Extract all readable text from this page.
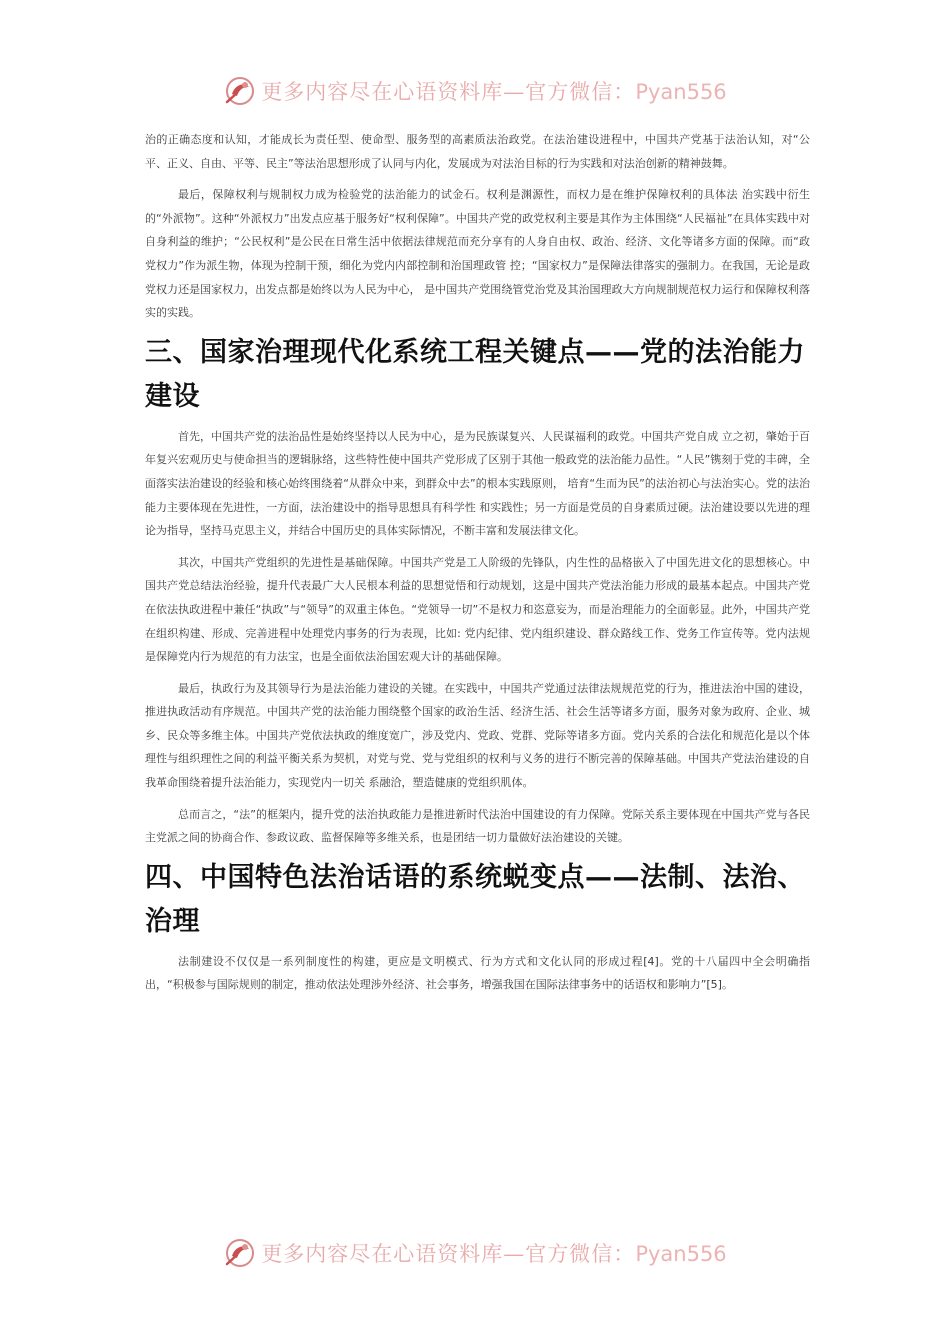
更多内容尽在心语资料库—官方微信：Pyan556

治的正确态度和认知，才能成长为责任型、使命型、服务型的高素质法治政党。在法治建设进程中，中国共产党基于法治认知，对“公平、正义、自由、平等、民主”等法治思想形成了认同与内化，发展成为对法治目标的行为实践和对法治创新的精神鼓舞。

最后，保障权利与规制权力成为检验党的法治能力的试金石。权利是渊源性，而权力是在维护保障权利的具体法 治实践中衍生的“外派物”。这种“外派权力”出发点应基于服务好“权利保障”。中国共产党的政党权利主要是其作为主体围绕“人民福祉”在具体实践中对自身利益的维护；“公民权利”是公民在日常生活中依据法律规范而充分享有的人身自由权、政治、经济、文化等诸多方面的保障。而“政党权力”作为派生物，体现为控制干预，细化为党内内部控制和治国理政管 控；“国家权力”是保障法律落实的强制力。在我国，无论是政党权力还是国家权力，出发点都是始终以为人民为中心， 是中国共产党围绕管党治党及其治国理政大方向规制规范权力运行和保障权利落实的实践。

三、国家治理现代化系统工程关键点——党的法治能力建设

首先，中国共产党的法治品性是始终坚持以人民为中心，是为民族谋复兴、人民谋福利的政党。中国共产党自成 立之初，肇始于百年复兴宏观历史与使命担当的逻辑脉络，这些特性使中国共产党形成了区别于其他一般政党的法治能力品性。“人民”镌刻于党的丰碑，全面落实法治建设的经验和核心始终围绕着“从群众中来，到群众中去”的根本实践原则， 培育“生而为民”的法治初心与法治实心。党的法治能力主要体现在先进性，一方面，法治建设中的指导思想具有科学性 和实践性；另一方面是党员的自身素质过硬。法治建设要以先进的理论为指导，坚持马克思主义，并结合中国历史的具体实际情况，不断丰富和发展法律文化。

其次，中国共产党组织的先进性是基础保障。中国共产党是工人阶级的先锋队，内生性的品格嵌入了中国先进文化的思想核心。中国共产党总结法治经验，提升代表最广大人民根本利益的思想觉悟和行动规划，这是中国共产党法治能力形成的最基本起点。中国共产党在依法执政进程中兼任“执政”与“领导”的双重主体色。“党领导一切”不是权力和恣意妄为，而是治理能力的全面彰显。此外，中国共产党在组织构建、形成、完善进程中处理党内事务的行为表现，比如: 党内纪律、党内组织建设、群众路线工作、党务工作宣传等。党内法规是保障党内行为规范的有力法宝，也是全面依法治国宏观大计的基础保障。

最后，执政行为及其领导行为是法治能力建设的关键。在实践中，中国共产党通过法律法规规范党的行为，推进法治中国的建设，推进执政活动有序规范。中国共产党的法治能力围绕整个国家的政治生活、经济生活、社会生活等诸多方面，服务对象为政府、企业、城乡、民众等多维主体。中国共产党依法执政的维度宽广，涉及党内、党政、党群、党际等诸多方面。党内关系的合法化和规范化是以个体理性与组织理性之间的利益平衡关系为契机，对党与党、党与党组织的权利与义务的进行不断完善的保障基础。中国共产党法治建设的自我革命围绕着提升法治能力，实现党内一切关 系融洽，塑造健康的党组织肌体。

总而言之，“法”的框架内，提升党的法治执政能力是推进新时代法治中国建设的有力保障。党际关系主要体现在中国共产党与各民主党派之间的协商合作、参政议政、监督保障等多维关系，也是团结一切力量做好法治建设的关键。

四、中国特色法治话语的系统蜕变点——法制、法治、治理

法制建设不仅仅是一系列制度性的构建，更应是文明模式、行为方式和文化认同的形成过程[4]。党的十八届四中全会明确指出，“积极参与国际规则的制定，推动依法处理涉外经济、社会事务，增强我国在国际法律事务中的话语权和影响力”[5]。

更多内容尽在心语资料库—官方微信：Pyan556
